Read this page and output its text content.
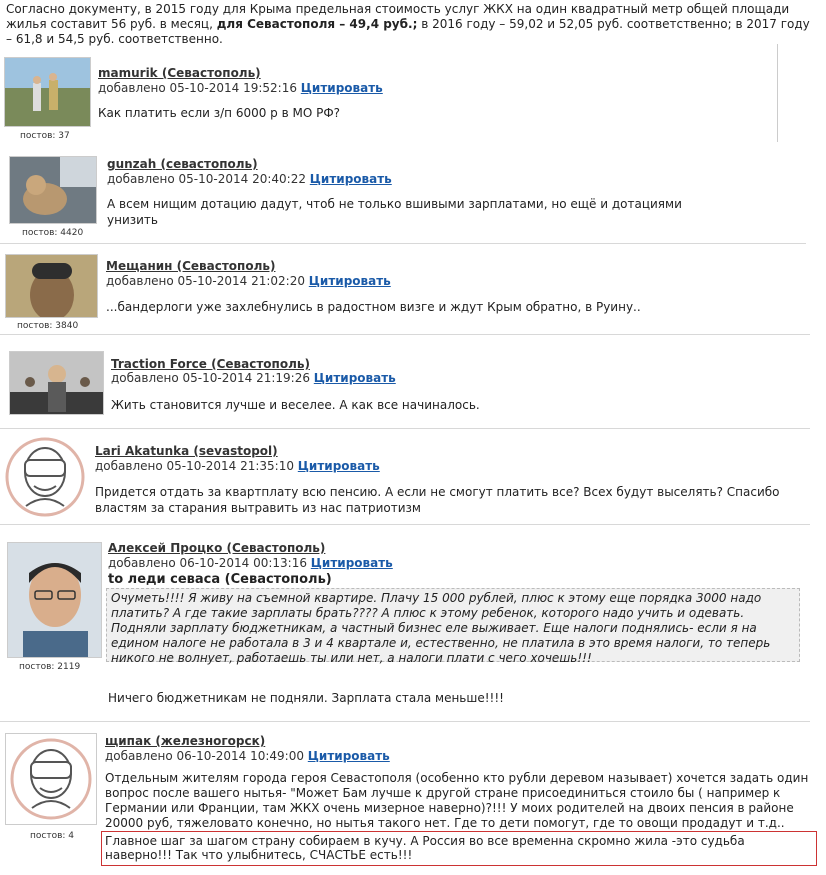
Согласно документу, в 2015 году для Крыма предельная стоимость услуг ЖКХ на один квадратный метр общей площади жилья составит 56 руб. в месяц, для Севастополя – 49,4 руб.; в 2016 году – 59,02 и 52,05 руб. соответственно; в 2017 году – 61,8 и 54,5 руб. соответственно.
постов: 37
mamurik (Севастополь)
добавлено 05-10-2014 19:52:16 Цитировать
Как платить если з/п 6000 р в МО РФ?
постов: 4420
gunzah (севастополь)
добавлено 05-10-2014 20:40:22 Цитировать
А всем нищим дотацию дадут, чтоб не только вшивыми зарплатами, но ещё и дотациями унизить
постов: 3840
Мещанин (Севастополь)
добавлено 05-10-2014 21:02:20 Цитировать
...бандерлоги уже захлебнулись в радостном визге и ждут Крым обратно, в Руину..
Traction Force (Севастополь)
добавлено 05-10-2014 21:19:26 Цитировать
Жить становится лучше и веселее. А как все начиналось.
Lari Akatunka (sevastopol)
добавлено 05-10-2014 21:35:10 Цитировать
Придется отдать за квартплату всю пенсию. А если не смогут платить все? Всех будут выселять? Спасибо властям за старания вытравить из нас патриотизм
постов: 2119
Алексей Процко (Севастополь)
добавлено 06-10-2014 00:13:16 Цитировать
to леди севаса (Севастополь)
Очуметь!!!! Я живу на съемной квартире. Плачу 15 000 рублей, плюс к этому еще порядка 3000 надо платить? А где такие зарплаты брать???? А плюс к этому ребенок, которого надо учить и одевать. Подняли зарплату бюджетникам, а частный бизнес еле выживает. Еще налоги поднялись- если я на едином налоге не работала в 3 и 4 квартале и, естественно, не платила в это время налоги, то теперь никого не волнует, работаешь ты или нет, а налоги плати с чего хочешь!!!
Ничего бюджетникам не подняли. Зарплата стала меньше!!!!
постов: 4
щипак (железногорск)
добавлено 06-10-2014 10:49:00 Цитировать
Отдельным жителям города героя Севастополя (особенно кто рубли деревом называет) хочется задать один вопрос после вашего нытья- "Может Бам лучше к другой стране присоединиться стоило бы ( например к Германии или Франции, там ЖКХ очень мизерное наверно)?!!! У моих родителей на двоих пенсия в районе 20000 руб, тяжеловато конечно, но нытья такого нет. Где то дети помогут, где то овощи продадут и т.д..
Главное шаг за шагом страну собираем в кучу. А Россия во все временна скромно жила -это судьба наверно!!! Так что улыбнитесь, СЧАСТЬЕ есть!!!
